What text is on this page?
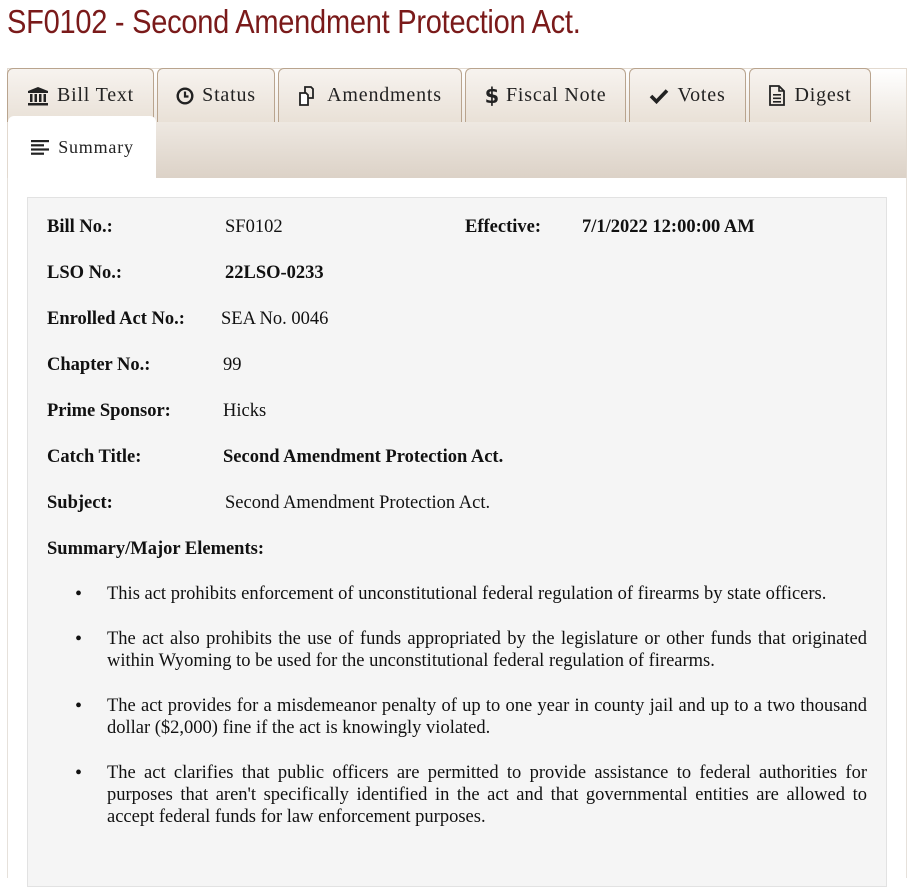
SF0102 - Second Amendment Protection Act.
Bill Text	Status	Amendments $ Fiscal Note	Votes	Digest
Summary
Bill No.:	SF0102	Effective: 7/1/2022 12:00:00 AM
LSO No.:	22LSO-0233
Enrolled Act No.: SEA No. 0046
Chapter No.:	99
Prime Sponsor:	Hicks
Catch Title:	Second Amendment Protection Act.
Subject:	Second Amendment Protection Act.
Summary/Major Elements:
• This act prohibits enforcement of unconstitutional federal regulation of firearms by state officers.
• The act also prohibits the use of funds appropriated by the legislature or other funds that originated within Wyoming to be used for the unconstitutional federal regulation of firearms.
• The act provides for a misdemeanor penalty of up to one year in county jail and up to a two thousand dollar ($2,000) fine if the act is knowingly violated.
• The act clarifies that public officers are permitted to provide assistance to federal authorities for purposes that aren't specifically identified in the act and that governmental entities are allowed to accept federal funds for law enforcement purposes.
